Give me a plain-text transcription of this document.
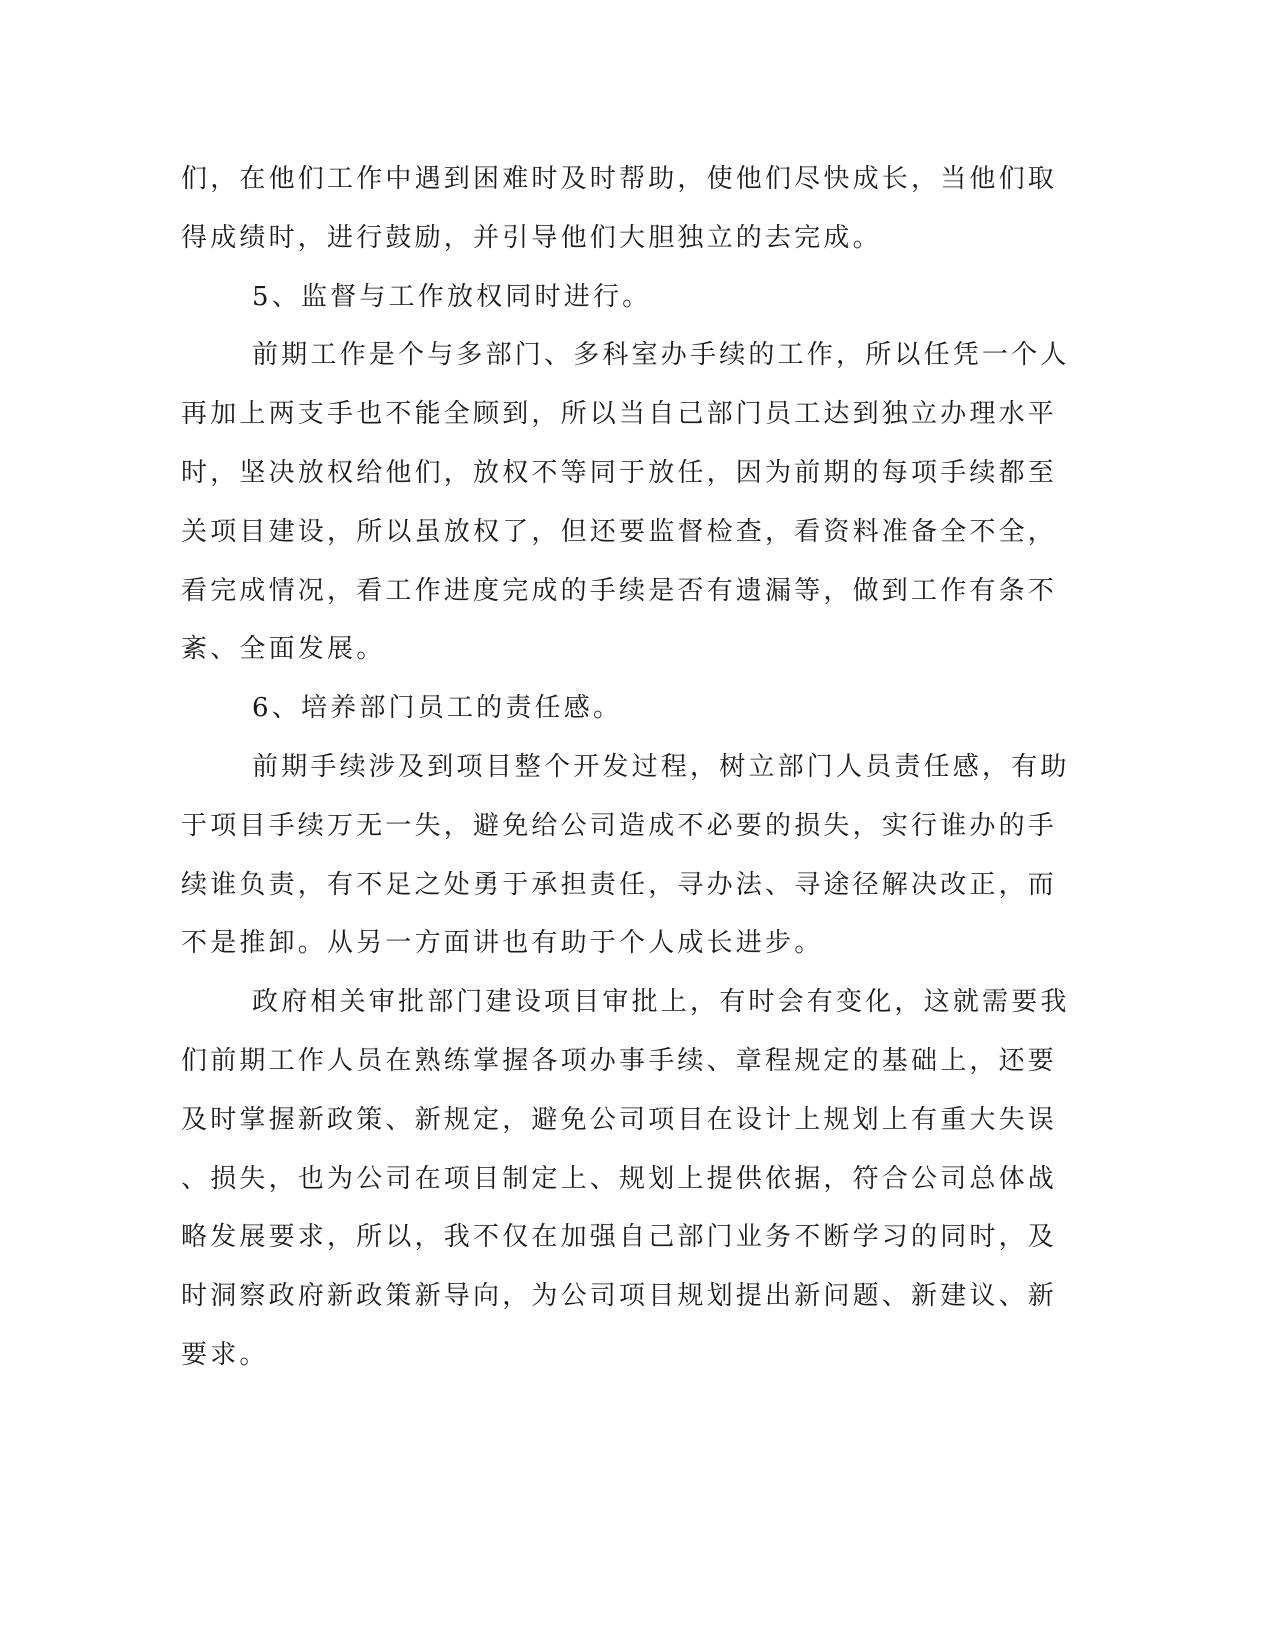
们，在他们工作中遇到困难时及时帮助，使他们尽快成长，当他们取
得成绩时，进行鼓励，并引导他们大胆独立的去完成。
5、监督与工作放权同时进行。
前期工作是个与多部门、多科室办手续的工作，所以任凭一个人
再加上两支手也不能全顾到，所以当自己部门员工达到独立办理水平
时，坚决放权给他们，放权不等同于放任，因为前期的每项手续都至
关项目建设，所以虽放权了，但还要监督检查，看资料准备全不全，
看完成情况，看工作进度完成的手续是否有遗漏等，做到工作有条不
紊、全面发展。
6、培养部门员工的责任感。
前期手续涉及到项目整个开发过程，树立部门人员责任感，有助
于项目手续万无一失，避免给公司造成不必要的损失，实行谁办的手
续谁负责，有不足之处勇于承担责任，寻办法、寻途径解决改正，而
不是推卸。从另一方面讲也有助于个人成长进步。
政府相关审批部门建设项目审批上，有时会有变化，这就需要我
们前期工作人员在熟练掌握各项办事手续、章程规定的基础上，还要
及时掌握新政策、新规定，避免公司项目在设计上规划上有重大失误
、损失，也为公司在项目制定上、规划上提供依据，符合公司总体战
略发展要求，所以，我不仅在加强自己部门业务不断学习的同时，及
时洞察政府新政策新导向，为公司项目规划提出新问题、新建议、新
要求。
